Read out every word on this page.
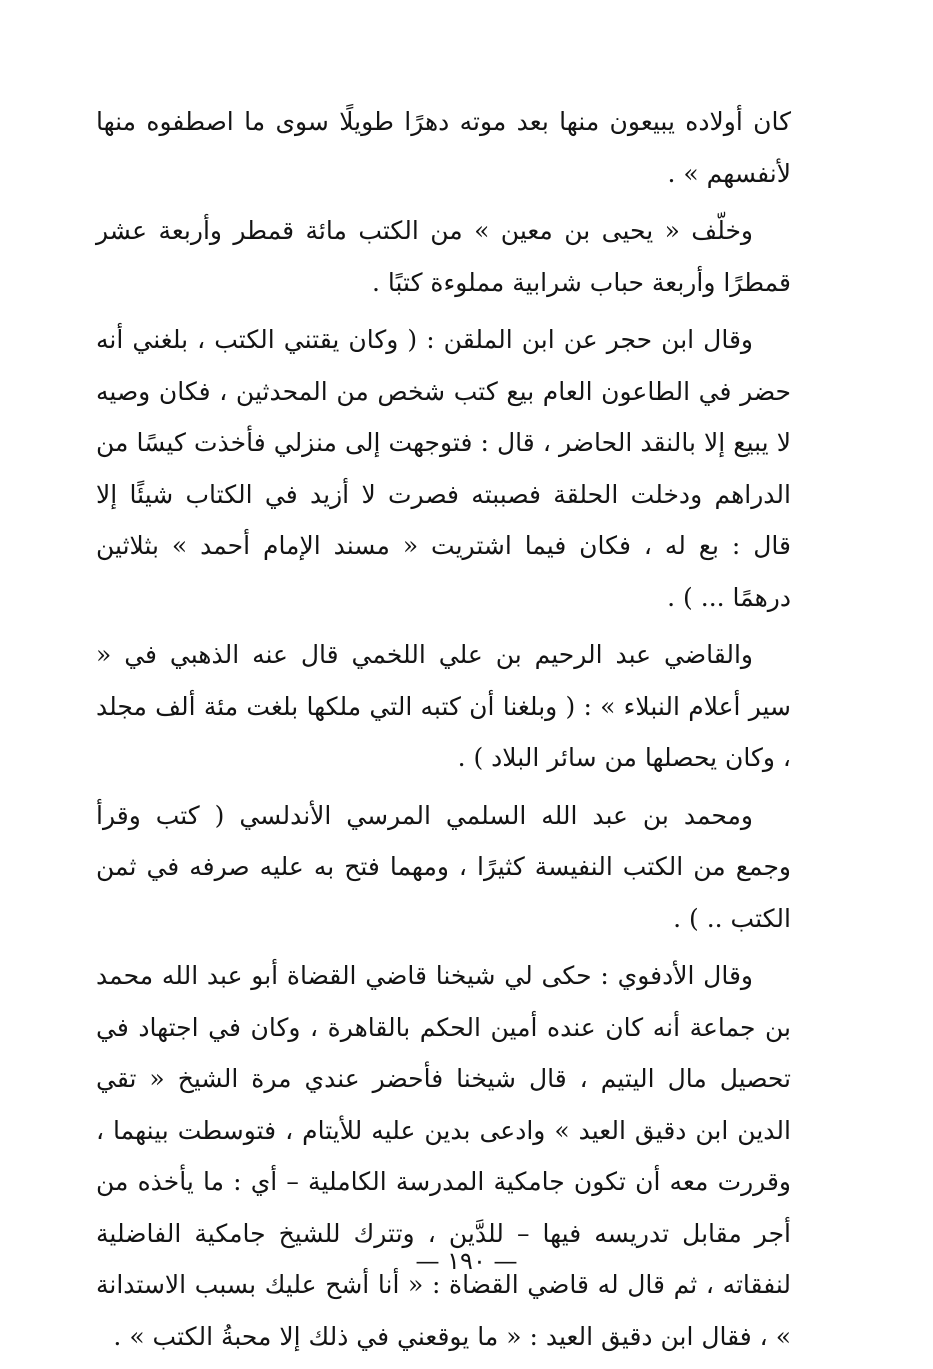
كان أولاده يبيعون منها بعد موته دهرًا طويلًا سوى ما اصطفوه منها لأنفسهم » .

وخلّف « يحيى بن معين » من الكتب مائة قمطر وأربعة عشر قمطرًا وأربعة حباب شرابية مملوءة كتبًا .

وقال ابن حجر عن ابن الملقن : ( وكان يقتني الكتب ، بلغني أنه حضر في الطاعون العام بيع كتب شخص من المحدثين ، فكان وصيه لا يبيع إلا بالنقد الحاضر ، قال : فتوجهت إلى منزلي فأخذت كيسًا من الدراهم ودخلت الحلقة فصببته فصرت لا أزيد في الكتاب شيئًا إلا قال : بع له ، فكان فيما اشتريت « مسند الإمام أحمد » بثلاثين درهمًا ... ) .

والقاضي عبد الرحيم بن علي اللخمي قال عنه الذهبي في « سير أعلام النبلاء » : ( وبلغنا أن كتبه التي ملكها بلغت مئة ألف مجلد ، وكان يحصلها من سائر البلاد ) .

ومحمد بن عبد الله السلمي المرسي الأندلسي ( كتب وقرأ وجمع من الكتب النفيسة كثيرًا ، ومهما فتح به عليه صرفه في ثمن الكتب .. ) .

وقال الأدفوي : حكى لي شيخنا قاضي القضاة أبو عبد الله محمد بن جماعة أنه كان عنده أمين الحكم بالقاهرة ، وكان في اجتهاد في تحصيل مال اليتيم ، قال شيخنا فأحضر عندي مرة الشيخ « تقي الدين ابن دقيق العيد » وادعى بدين عليه للأيتام ، فتوسطت بينهما ، وقررت معه أن تكون جامكية المدرسة الكاملية – أي : ما يأخذه من أجر مقابل تدريسه فيها – للدَّين ، وتترك للشيخ جامكية الفاضلية لنفقاته ، ثم قال له قاضي القضاة : « أنا أشح عليك بسبب الاستدانة » ، فقال ابن دقيق العيد : « ما يوقعني في ذلك إلا محبةُ الكتب » .

— ١٩٠ —
